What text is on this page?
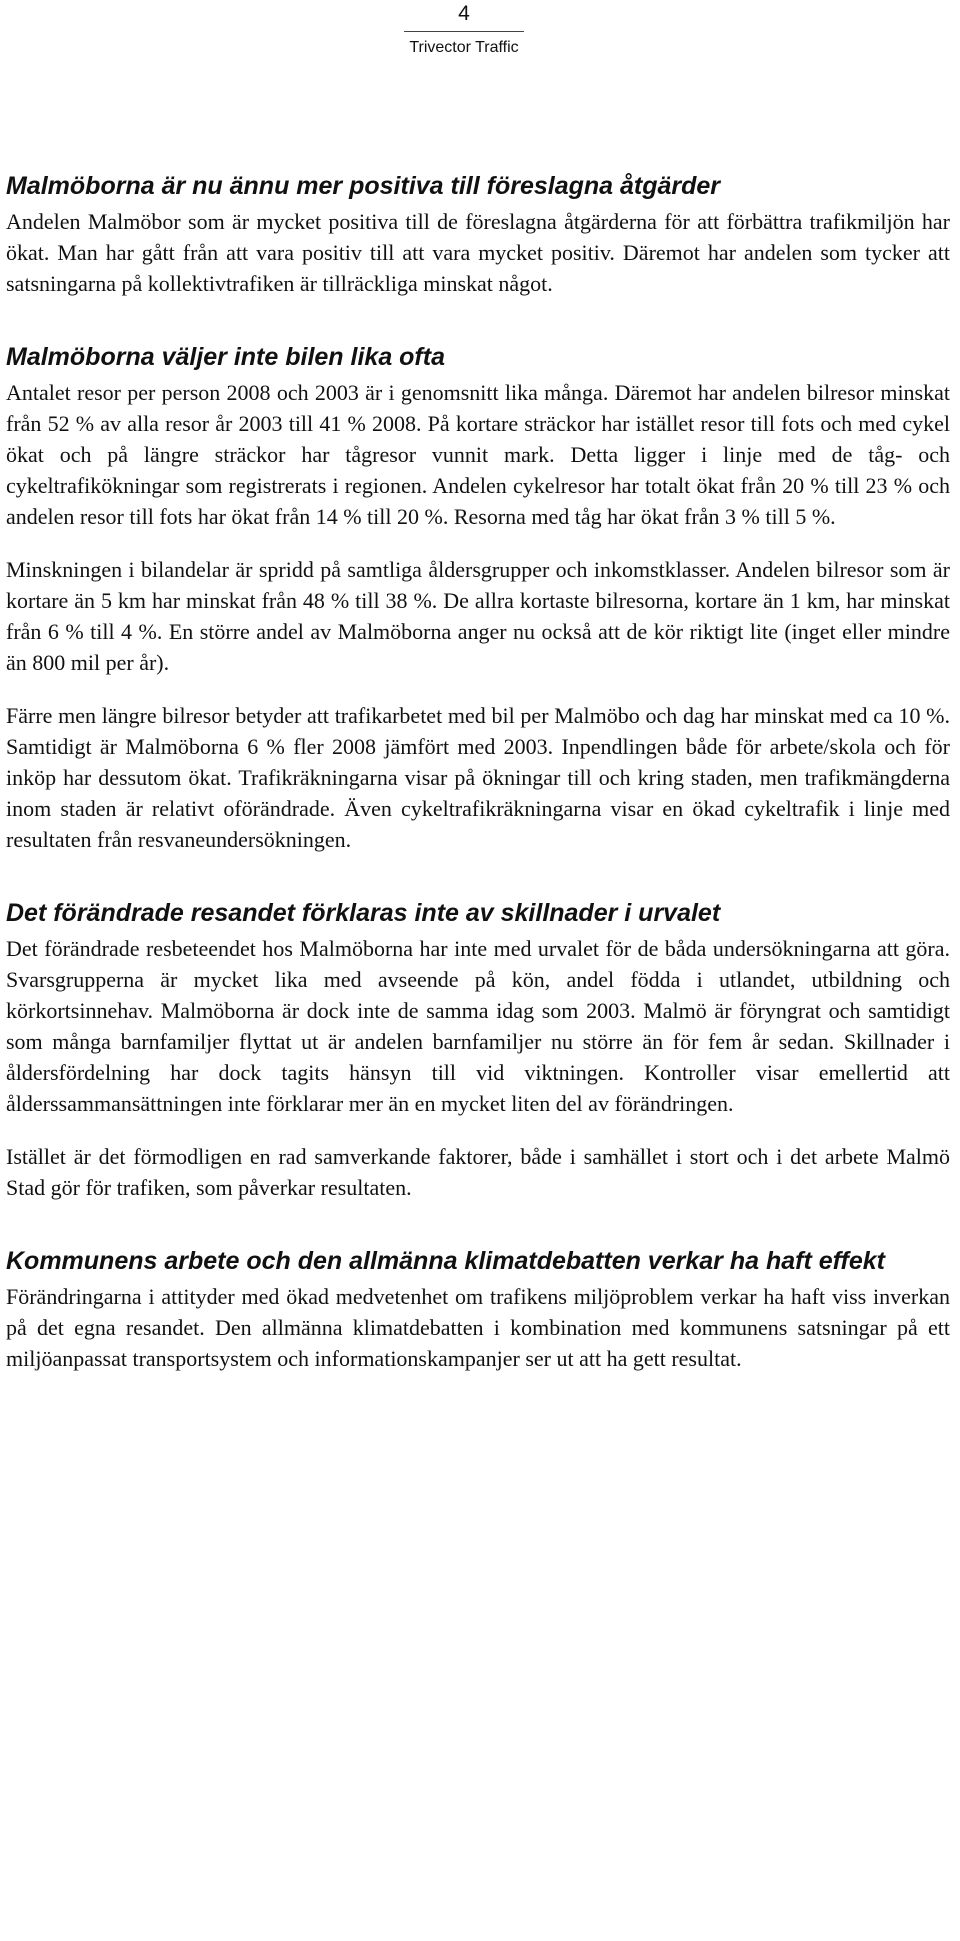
4
Trivector Traffic
Malmöborna är nu ännu mer positiva till föreslagna åtgärder

Andelen Malmöbor som är mycket positiva till de föreslagna åtgärderna för att förbättra trafikmiljön har ökat. Man har gått från att vara positiv till att vara mycket positiv. Däremot har andelen som tycker att satsningarna på kollektivtrafiken är tillräckliga minskat något.

Malmöborna väljer inte bilen lika ofta

Antalet resor per person 2008 och 2003 är i genomsnitt lika många. Däremot har andelen bilresor minskat från 52 % av alla resor år 2003 till 41 % 2008. På kortare sträckor har istället resor till fots och med cykel ökat och på längre sträckor har tågresor vunnit mark. Detta ligger i linje med de tåg- och cykeltrafikökningar som registrerats i regionen. Andelen cykelresor har totalt ökat från 20 % till 23 % och andelen resor till fots har ökat från 14 % till 20 %. Resorna med tåg har ökat från 3 % till 5 %.

Minskningen i bilandelar är spridd på samtliga åldersgrupper och inkomstklasser. Andelen bilresor som är kortare än 5 km har minskat från 48 % till 38 %. De allra kortaste bilresorna, kortare än 1 km, har minskat från 6 % till 4 %. En större andel av Malmöborna anger nu också att de kör riktigt lite (inget eller mindre än 800 mil per år).

Färre men längre bilresor betyder att trafikarbetet med bil per Malmöbo och dag har minskat med ca 10 %. Samtidigt är Malmöborna 6 % fler 2008 jämfört med 2003. Inpendlingen både för arbete/skola och för inköp har dessutom ökat. Trafikräkningarna visar på ökningar till och kring staden, men trafikmängderna inom staden är relativt oförändrade. Även cykeltrafikräkningarna visar en ökad cykeltrafik i linje med resultaten från resvaneundersökningen.

Det förändrade resandet förklaras inte av skillnader i urvalet

Det förändrade resbeteendet hos Malmöborna har inte med urvalet för de båda undersökningarna att göra. Svarsgrupperna är mycket lika med avseende på kön, andel födda i utlandet, utbildning och körkortsinnehav. Malmöborna är dock inte de samma idag som 2003. Malmö är föryngrat och samtidigt som många barnfamiljer flyttat ut är andelen barnfamiljer nu större än för fem år sedan. Skillnader i åldersfördelning har dock tagits hänsyn till vid viktningen. Kontroller visar emellertid att ålderssammansättningen inte förklarar mer än en mycket liten del av förändringen.

Istället är det förmodligen en rad samverkande faktorer, både i samhället i stort och i det arbete Malmö Stad gör för trafiken, som påverkar resultaten.

Kommunens arbete och den allmänna klimatdebatten verkar ha haft effekt

Förändringarna i attityder med ökad medvetenhet om trafikens miljöproblem verkar ha haft viss inverkan på det egna resandet. Den allmänna klimatdebatten i kombination med kommunens satsningar på ett miljöanpassat transportsystem och informationskampanjer ser ut att ha gett resultat.
